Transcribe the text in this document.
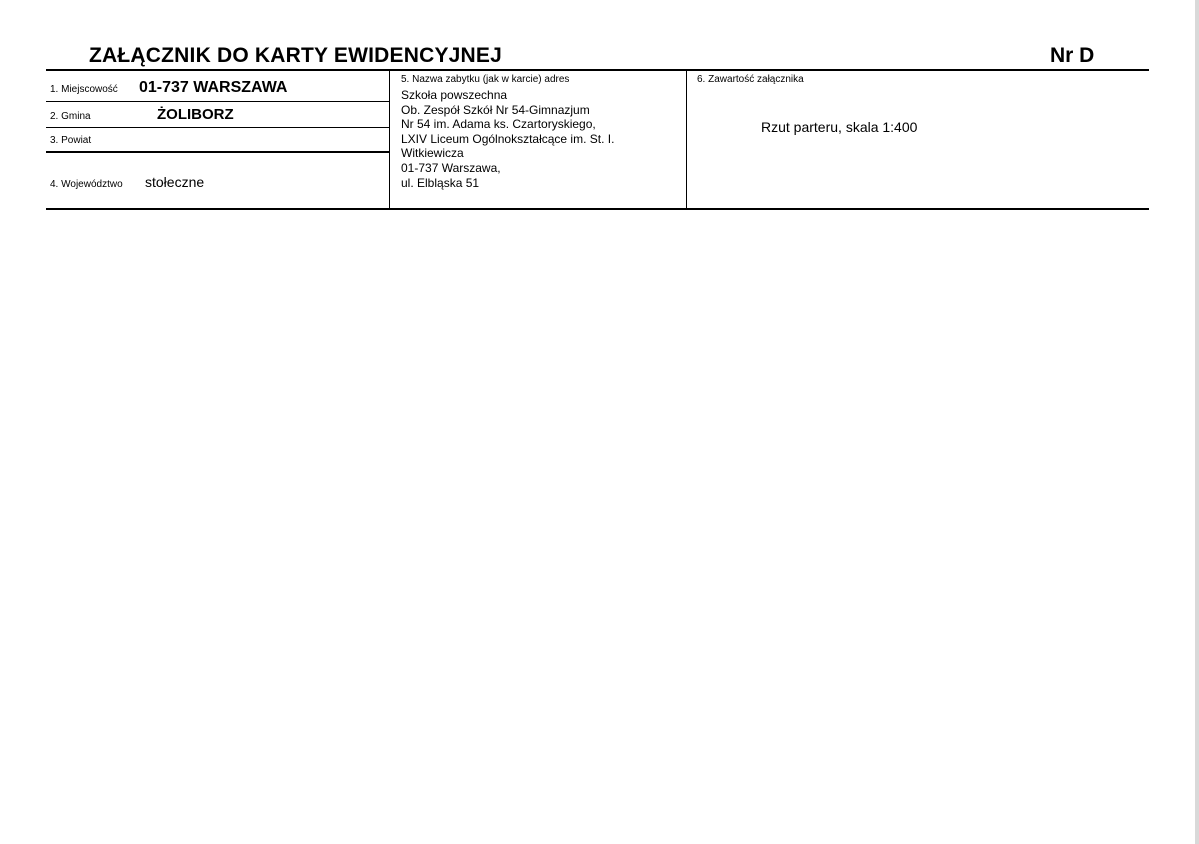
ZAŁĄCZNIK DO KARTY EWIDENCYJNEJ	Nr D
1. Miejscowość 01-737 WARSZAWA
2. Gmina	ŻOLIBORZ
3. Powiat
4. Województwo stołeczne
5. Nazwa zabytku (jak w karcie) adres
Szkoła powszechna
Ob. Zespół Szkół Nr 54-Gimnazjum
Nr 54 im. Adama ks. Czartoryskiego,
LXIV Liceum Ogólnokształcące im. St. I.
Witkiewicza
01-737 Warszawa,
ul. Elbląska 51
6. Zawartość załącznika
Rzut parteru, skala 1:400
